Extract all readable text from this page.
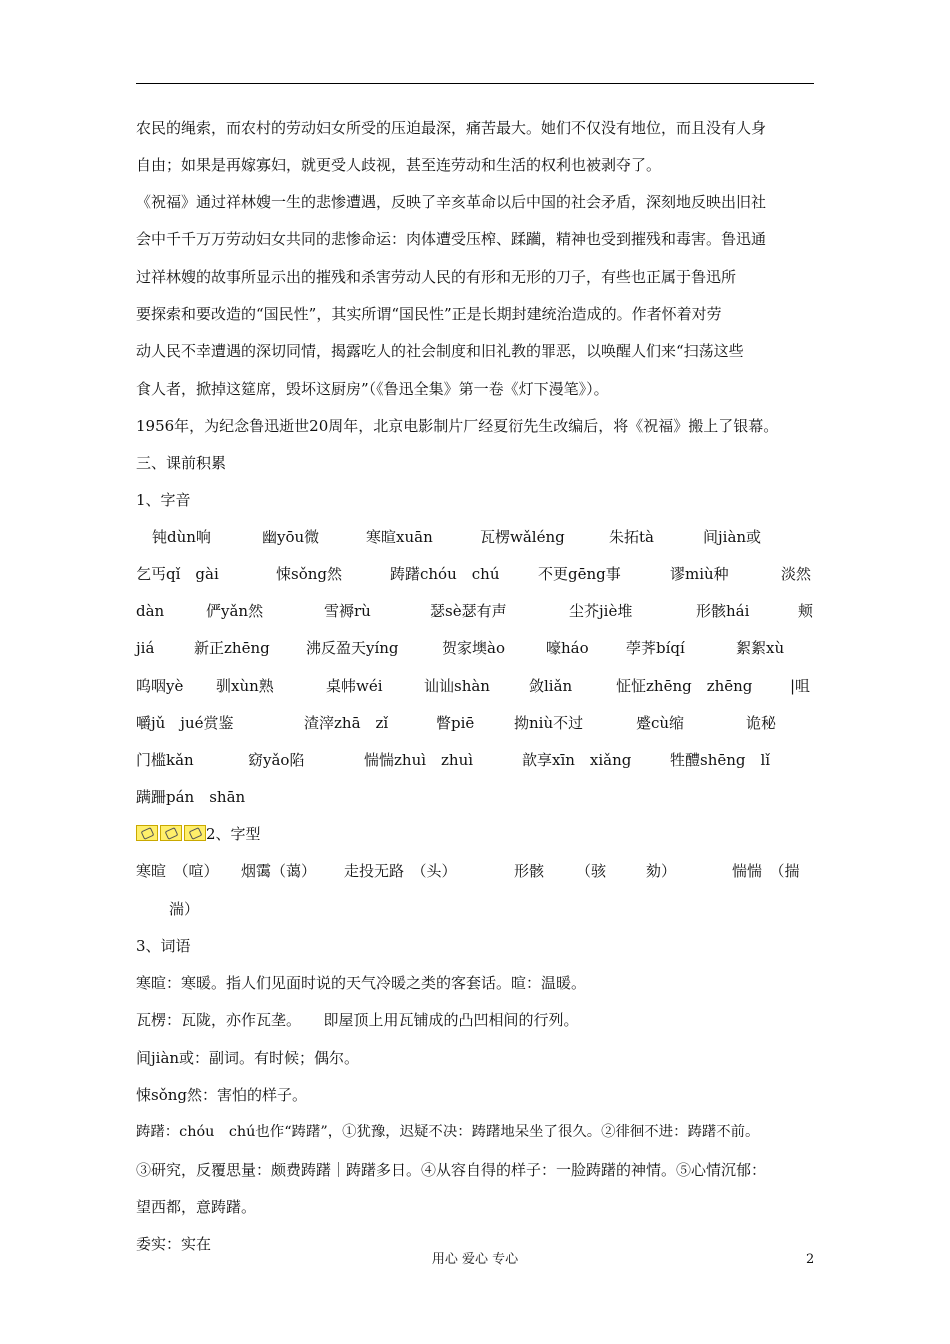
农民的绳索，而农村的劳动妇女所受的压迫最深，痛苦最大。她们不仅没有地位，而且没有人身
自由；如果是再嫁寡妇，就更受人歧视，甚至连劳动和生活的权利也被剥夺了。
《祝福》通过祥林嫂一生的悲惨遭遇，反映了辛亥革命以后中国的社会矛盾，深刻地反映出旧社
会中千千万万劳动妇女共同的悲惨命运：肉体遭受压榨、蹂躏，精神也受到摧残和毒害。鲁迅通
过祥林嫂的故事所显示出的摧残和杀害劳动人民的有形和无形的刀子，有些也正属于鲁迅所
要探索和要改造的“国民性”，其实所谓“国民性”正是长期封建统治造成的。作者怀着对劳
动人民不幸遭遇的深切同情，揭露吃人的社会制度和旧礼教的罪恶，以唤醒人们来“扫荡这些
食人者，掀掉这筵席，毁坏这厨房”（《鲁迅全集》第一卷《灯下漫笔》）。
1956年，为纪念鲁迅逝世20周年，北京电影制片厂经夏衍先生改编后，将《祝福》搬上了银幕。
三、课前积累
1、字音
钝dùn响	幽yōu微	寒暄xuān	瓦楞wǎléng	朱拓tà	间jiàn或
乞丐qǐ　gài	悚sǒng然	踌躇chóu　chú	不更gēng事	谬miù种	淡然
dàn	俨yǎn然	雪褥rù	瑟sè瑟有声	尘芥jiè堆	形骸hái	颊
jiá	新正zhēng 沸反盈天yíng	贺家墺ào	嚎háo 荸荠bíqí	絮絮xù
呜咽yè 驯xùn熟	桌帏wéi	讪讪shàn	敛liǎn	怔怔zhēng　zhēng	|咀
嚼jǔ　jué赏鉴	渣滓zhā　zǐ	瞥piē	拗niù不过	蹙cù缩	诡秘
门槛kǎn	窈yǎo陷	惴惴zhuì　zhuì	歆享xīn　xiǎng	牲醴shēng　lǐ
蹒跚pán　shān
2、字型
寒暄　（喧） 烟霭（蔼） 走投无路　（头）	形骸 （骇	劾）	惴惴　（揣
湍）
3、词语
寒暄：寒暖。指人们见面时说的天气冷暖之类的客套话。暄：温暖。
瓦楞：瓦陇，亦作瓦垄。　　即屋顶上用瓦铺成的凸凹相间的行列。
间jiàn或：副词。有时候；偶尔。
悚sǒng然：害怕的样子。
踌躇：chóu　chú也作“踌躇”，①犹豫，迟疑不决：踌躇地呆坐了很久。②徘徊不进：踌躇不前。
③研究，反覆思量：颇费踌躇｜踌躇多日。④从容自得的样子：一脸踌躇的神情。⑤心情沉郁：
望西都，意踌躇。
委实：实在
用心 爱心 专心	2
